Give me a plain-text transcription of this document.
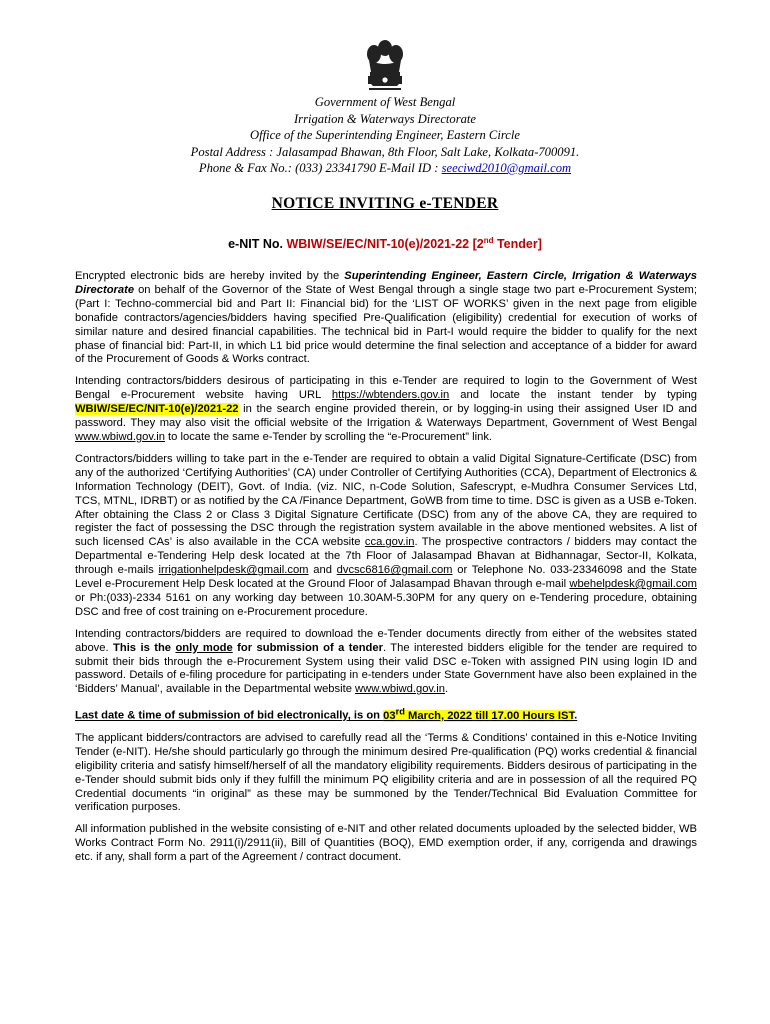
Government of West Bengal
Irrigation & Waterways Directorate
Office of the Superintending Engineer, Eastern Circle
Postal Address : Jalasampad Bhawan, 8th Floor, Salt Lake, Kolkata-700091.
Phone & Fax No.: (033) 23341790 E-Mail ID : seeciwd2010@gmail.com
NOTICE INVITING e-TENDER
e-NIT No. WBIW/SE/EC/NIT-10(e)/2021-22 [2nd Tender]

Encrypted electronic bids are hereby invited by the Superintending Engineer, Eastern Circle, Irrigation & Waterways Directorate on behalf of the Governor of the State of West Bengal through a single stage two part e-Procurement System; (Part I: Techno-commercial bid and Part II: Financial bid) for the ‘LIST OF WORKS’ given in the next page from eligible bonafide contractors/agencies/bidders having specified Pre-Qualification (eligibility) credential for execution of works of similar nature and desired financial capabilities. The technical bid in Part-I would require the bidder to qualify for the next phase of financial bid: Part-II, in which L1 bid price would determine the final selection and acceptance of a bidder for award of the Procurement of Goods & Works contract.

Intending contractors/bidders desirous of participating in this e-Tender are required to login to the Government of West Bengal e-Procurement website having URL https://wbtenders.gov.in and locate the instant tender by typing WBIW/SE/EC/NIT-10(e)/2021-22 in the search engine provided therein, or by logging-in using their assigned User ID and password. They may also visit the official website of the Irrigation & Waterways Department, Government of West Bengal www.wbiwd.gov.in to locate the same e-Tender by scrolling the “e-Procurement” link.

Contractors/bidders willing to take part in the e-Tender are required to obtain a valid Digital Signature-Certificate (DSC) from any of the authorized ‘Certifying Authorities’ (CA) under Controller of Certifying Authorities (CCA), Department of Electronics & Information Technology (DEIT), Govt. of India. (viz. NIC, n-Code Solution, Safescrypt, e-Mudhra Consumer Services Ltd, TCS, MTNL, IDRBT) or as notified by the CA /Finance Department, GoWB from time to time. DSC is given as a USB e-Token. After obtaining the Class 2 or Class 3 Digital Signature Certificate (DSC) from any of the above CA, they are required to register the fact of possessing the DSC through the registration system available in the above mentioned websites. A list of such licensed CAs’ is also available in the CCA website cca.gov.in. The prospective contractors / bidders may contact the Departmental e-Tendering Help desk located at the 7th Floor of Jalasampad Bhavan at Bidhannagar, Sector-II, Kolkata, through e-mails irrigationhelpdesk@gmail.com and dvcsc6816@gmail.com or Telephone No. 033-23346098 and the State Level e-Procurement Help Desk located at the Ground Floor of Jalasampad Bhavan through e-mail wbehelpdesk@gmail.com or Ph:(033)-2334 5161 on any working day between 10.30AM-5.30PM for any query on e-Tendering procedure, obtaining DSC and free of cost training on e-Procurement procedure.

Intending contractors/bidders are required to download the e-Tender documents directly from either of the websites stated above. This is the only mode for submission of a tender. The interested bidders eligible for the tender are required to submit their bids through the e-Procurement System using their valid DSC e-Token with assigned PIN using login ID and password. Details of e-filing procedure for participating in e-tenders under State Government have also been explained in the ‘Bidders’ Manual’, available in the Departmental website www.wbiwd.gov.in.

Last date & time of submission of bid electronically, is on 03rd March, 2022 till 17.00 Hours IST.

The applicant bidders/contractors are advised to carefully read all the ‘Terms & Conditions’ contained in this e-Notice Inviting Tender (e-NIT). He/she should particularly go through the minimum desired Pre-qualification (PQ) works credential & financial eligibility criteria and satisfy himself/herself of all the mandatory eligibility requirements. Bidders desirous of participating in the e-Tender should submit bids only if they fulfill the minimum PQ eligibility criteria and are in possession of all the required PQ Credential documents “in original” as these may be summoned by the Tender/Technical Bid Evaluation Committee for verification purposes.

All information published in the website consisting of e-NIT and other related documents uploaded by the selected bidder, WB Works Contract Form No. 2911(i)/2911(ii), Bill of Quantities (BOQ), EMD exemption order, if any, corrigenda and drawings etc. if any, shall form a part of the Agreement / contract document.
